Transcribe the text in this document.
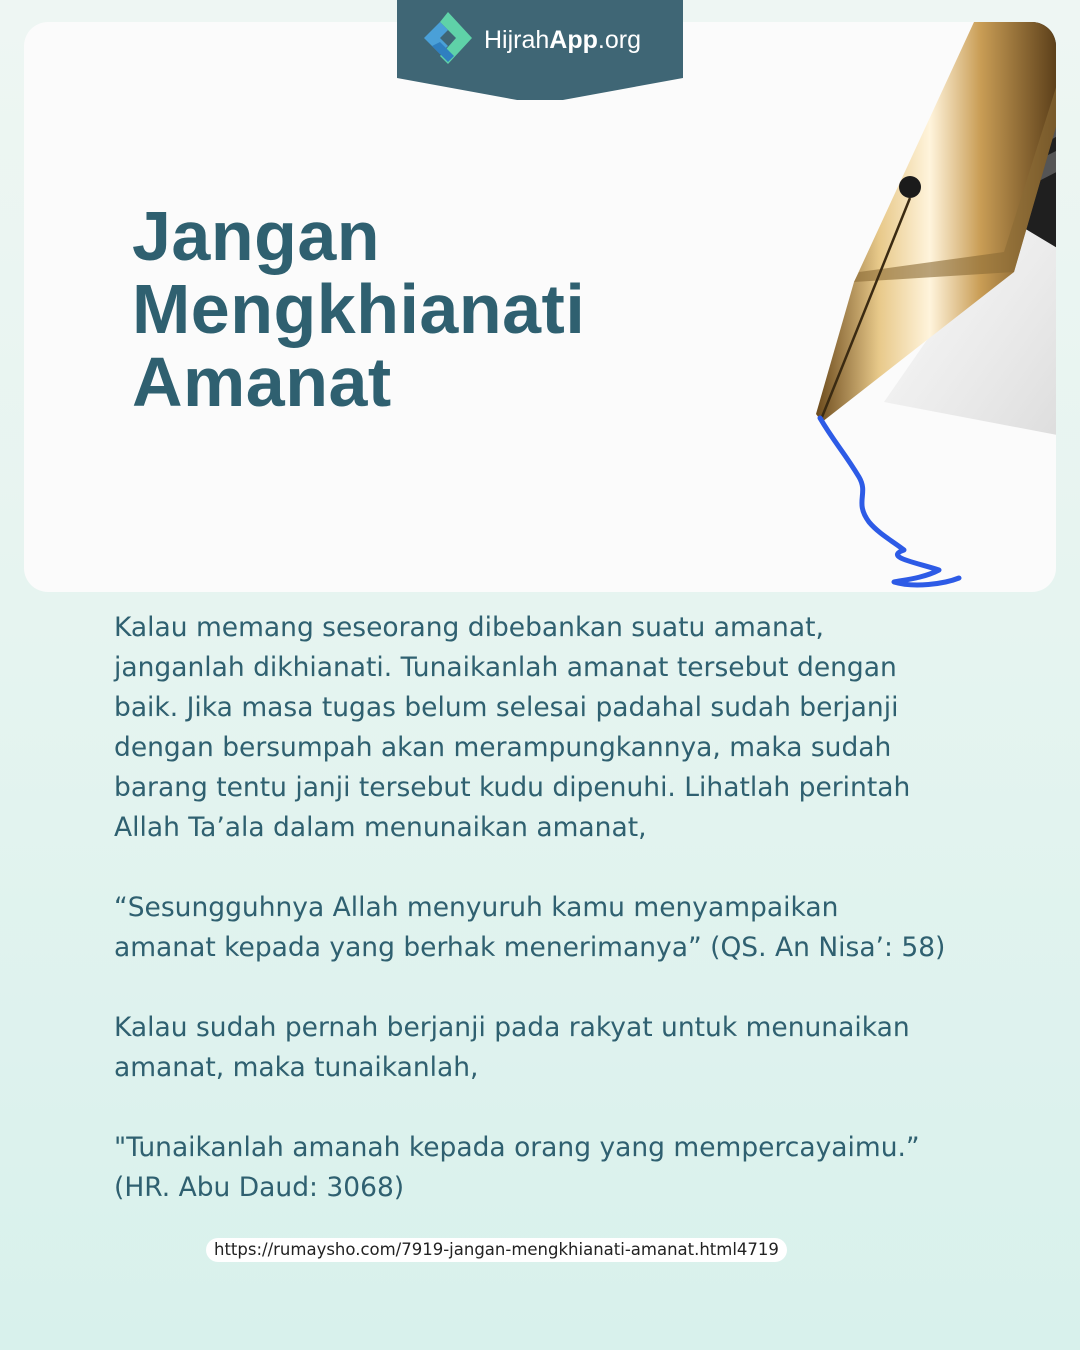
Jangan
Mengkhianati
Amanat
HijrahApp.org

Kalau memang seseorang dibebankan suatu amanat,
janganlah dikhianati. Tunaikanlah amanat tersebut dengan
baik. Jika masa tugas belum selesai padahal sudah berjanji
dengan bersumpah akan merampungkannya, maka sudah
barang tentu janji tersebut kudu dipenuhi. Lihatlah perintah
Allah Ta’ala dalam menunaikan amanat,

“Sesungguhnya Allah menyuruh kamu menyampaikan
amanat kepada yang berhak menerimanya” (QS. An Nisa’: 58)

Kalau sudah pernah berjanji pada rakyat untuk menunaikan
amanat, maka tunaikanlah,

"Tunaikanlah amanah kepada orang yang mempercayaimu.”
(HR. Abu Daud: 3068)

https://rumaysho.com/7919-jangan-mengkhianati-amanat.html4719
